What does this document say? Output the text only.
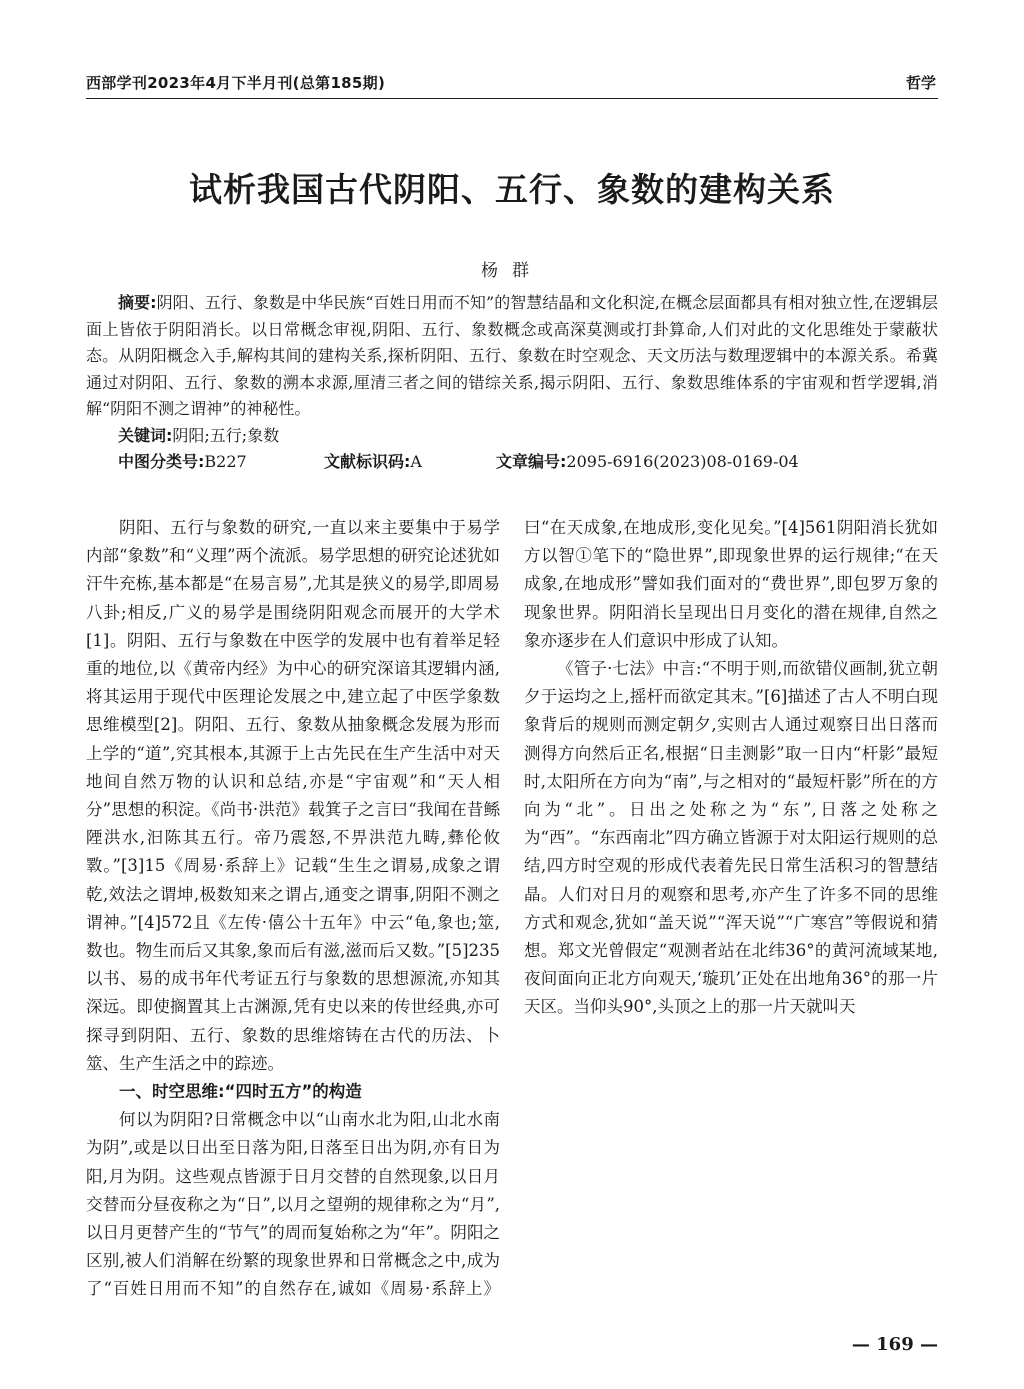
西部学刊2023年4月下半月刊(总第185期)	哲学
试析我国古代阴阳、五行、象数的建构关系
杨群

摘要:阴阳、五行、象数是中华民族“百姓日用而不知”的智慧结晶和文化积淀,在概念层面都具有相对独立性,在逻辑层面上皆依于阴阳消长。以日常概念审视,阴阳、五行、象数概念或高深莫测或打卦算命,人们对此的文化思维处于蒙蔽状态。从阴阳概念入手,解构其间的建构关系,探析阴阳、五行、象数在时空观念、天文历法与数理逻辑中的本源关系。希冀通过对阴阳、五行、象数的溯本求源,厘清三者之间的错综关系,揭示阴阳、五行、象数思维体系的宇宙观和哲学逻辑,消解“阴阳不测之谓神”的神秘性。

关键词:阴阳;五行;象数

中图分类号:B227	文献标识码:A	文章编号:2095-6916(2023)08-0169-04

阴阳、五行与象数的研究,一直以来主要集中于易学内部“象数”和“义理”两个流派。易学思想的研究论述犹如汗牛充栋,基本都是“在易言易”,尤其是狭义的易学,即周易八卦;相反,广义的易学是围绕阴阳观念而展开的大学术[1]。阴阳、五行与象数在中医学的发展中也有着举足轻重的地位,以《黄帝内经》为中心的研究深谙其逻辑内涵,将其运用于现代中医理论发展之中,建立起了中医学象数思维模型[2]。阴阳、五行、象数从抽象概念发展为形而上学的“道”,究其根本,其源于上古先民在生产生活中对天地间自然万物的认识和总结,亦是“宇宙观”和“天人相分”思想的积淀。《尚书·洪范》载箕子之言曰“我闻在昔鲧陻洪水,汩陈其五行。帝乃震怒,不畀洪范九畴,彝伦攸斁。”[3]15《周易·系辞上》记载“生生之谓易,成象之谓乾,效法之谓坤,极数知来之谓占,通变之谓事,阴阳不测之谓神。”[4]572且《左传·僖公十五年》中云“龟,象也;筮,数也。物生而后又其象,象而后有滋,滋而后又数。”[5]235以书、易的成书年代考证五行与象数的思想源流,亦知其深远。即使搁置其上古渊源,凭有史以来的传世经典,亦可探寻到阴阳、五行、象数的思维熔铸在古代的历法、卜筮、生产生活之中的踪迹。

一、时空思维:“四时五方”的构造

何以为阴阳?日常概念中以“山南水北为阳,山北水南为阴”,或是以日出至日落为阳,日落至日出为阴,亦有日为阳,月为阴。这些观点皆源于日月交替的自然现象,以日月交替而分昼夜称之为“日”,以月之望朔的规律称之为“月”,以日月更替产生的“节气”的周而复始称之为“年”。阴阳之区别,被人们消解在纷繁的现象世界和日常概念之中,成为了“百姓日用而不知”的自然存在,诚如《周易·系辞上》曰“在天成象,在地成形,变化见矣。”[4]561阴阳消长犹如方以智①笔下的“隐世界”,即现象世界的运行规律;“在天成象,在地成形”譬如我们面对的“费世界”,即包罗万象的现象世界。阴阳消长呈现出日月变化的潜在规律,自然之象亦逐步在人们意识中形成了认知。

《管子·七法》中言:“不明于则,而欲错仪画制,犹立朝夕于运均之上,摇杆而欲定其末。”[6]描述了古人不明白现象背后的规则而测定朝夕,实则古人通过观察日出日落而测得方向然后正名,根据“日圭测影”取一日内“杆影”最短时,太阳所在方向为“南”,与之相对的“最短杆影”所在的方向为“北”。日出之处称之为“东”,日落之处称之为“西”。“东西南北”四方确立皆源于对太阳运行规则的总结,四方时空观的形成代表着先民日常生活积习的智慧结晶。人们对日月的观察和思考,亦产生了许多不同的思维方式和观念,犹如“盖天说”“浑天说”“广寒宫”等假说和猜想。郑文光曾假定“观测者站在北纬36°的黄河流域某地,夜间面向正北方向观天,‘璇玑’正处在出地角36°的那一片天区。当仰头90°,头顶之上的那一片天就叫天

— 169 —
